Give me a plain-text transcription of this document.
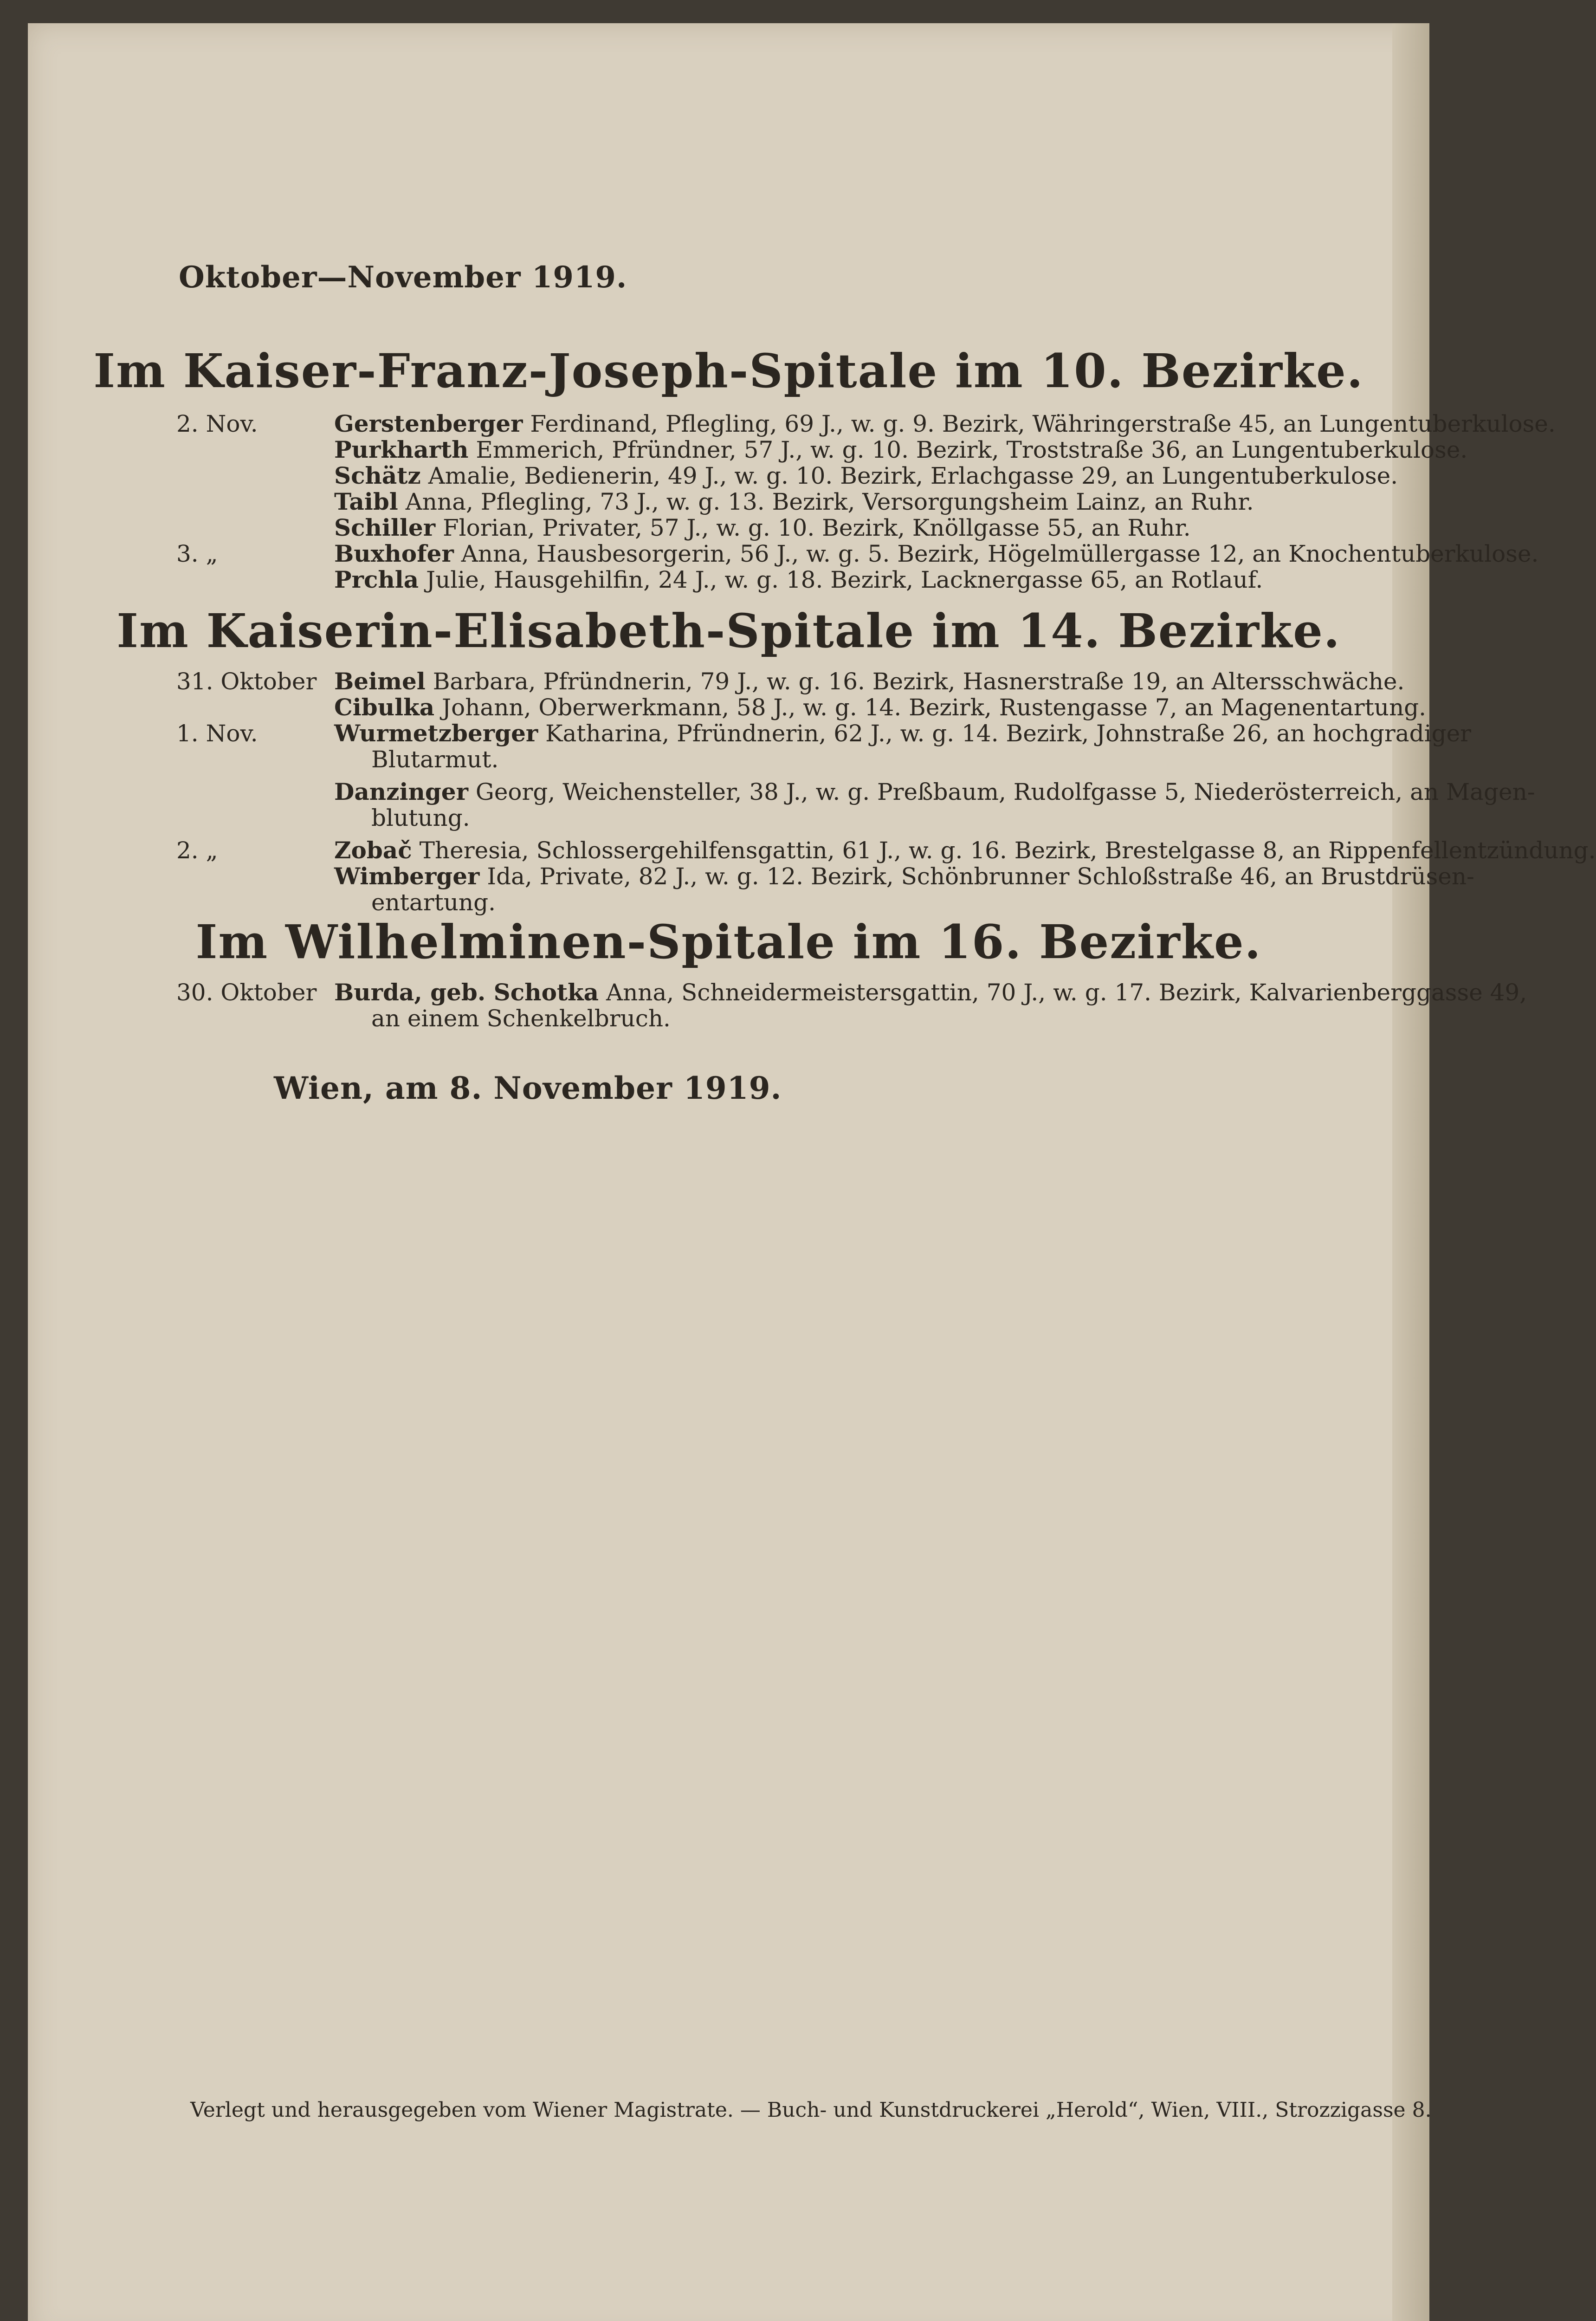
Oktober—November 1919.
Im Kaiser-Franz-Joseph-Spitale im 10. Bezirke.
2. Nov.	Gerstenberger Ferdinand, Pflegling, 69 J., w. g. 9. Bezirk, Währingerstraße 45, an Lungentuberkulose.
Purkharth Emmerich, Pfründner, 57 J., w. g. 10. Bezirk, Troststraße 36, an Lungentuberkulose.
Schätz Amalie, Bedienerin, 49 J., w. g. 10. Bezirk, Erlachgasse 29, an Lungentuberkulose.
Taibl Anna, Pflegling, 73 J., w. g. 13. Bezirk, Versorgungsheim Lainz, an Ruhr.
Schiller Florian, Privater, 57 J., w. g. 10. Bezirk, Knöllgasse 55, an Ruhr.
3. „	Buxhofer Anna, Hausbesorgerin, 56 J., w. g. 5. Bezirk, Högelmüllergasse 12, an Knochentuberkulose.
Prchla Julie, Hausgehilfin, 24 J., w. g. 18. Bezirk, Lacknergasse 65, an Rotlauf.
Im Kaiserin-Elisabeth-Spitale im 14. Bezirke.
31. Oktober Beimel Barbara, Pfründnerin, 79 J., w. g. 16. Bezirk, Hasnerstraße 19, an Altersschwäche.
Cibulka Johann, Oberwerkmann, 58 J., w. g. 14. Bezirk, Rustengasse 7, an Magenentartung.
1. Nov.	Wurmetzberger Katharina, Pfründnerin, 62 J., w. g. 14. Bezirk, Johnstraße 26, an hochgradiger
Blutarmut.
Danzinger Georg, Weichensteller, 38 J., w. g. Preßbaum, Rudolfgasse 5, Niederösterreich, an Magen-
blutung.
2. „	Zobač Theresia, Schlossergehilfensgattin, 61 J., w. g. 16. Bezirk, Brestelgasse 8, an Rippenfellentzündung.
Wimberger Ida, Private, 82 J., w. g. 12. Bezirk, Schönbrunner Schloßstraße 46, an Brustdrüsen-
entartung.
Im Wilhelminen-Spitale im 16. Bezirke.
30. Oktober Burda, geb. Schotka Anna, Schneidermeistersgattin, 70 J., w. g. 17. Bezirk, Kalvarienberggasse 49,
an einem Schenkelbruch.
Wien, am 8. November 1919.
Verlegt und herausgegeben vom Wiener Magistrate. — Buch- und Kunstdruckerei „Herold“, Wien, VIII., Strozzigasse 8.
